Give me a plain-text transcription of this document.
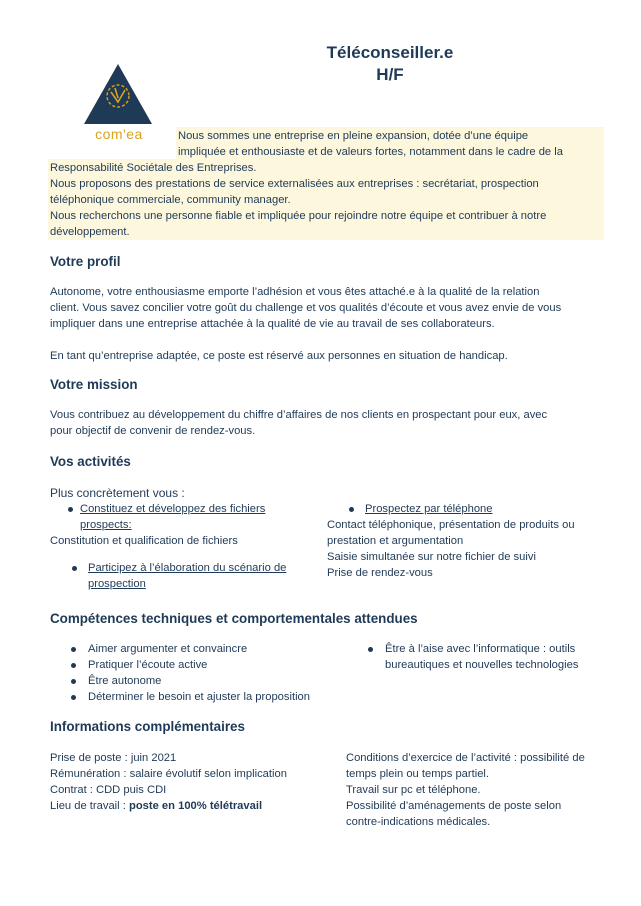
Téléconseiller.e
H/F
com'ea	Nous sommes une entreprise en pleine expansion, dotée d’une équipe
impliquée et enthousiaste et de valeurs fortes, notamment dans le cadre de la
Responsabilité Sociétale des Entreprises.
Nous proposons des prestations de service externalisées aux entreprises : secrétariat, prospection
téléphonique commerciale, community manager.
Nous recherchons une personne fiable et impliquée pour rejoindre notre équipe et contribuer à notre
développement.
Votre profil
Autonome, votre enthousiasme emporte l’adhésion et vous êtes attaché.e à la qualité de la relation
client. Vous savez concilier votre goût du challenge et vos qualités d’écoute et vous avez envie de vous
impliquer dans une entreprise attachée à la qualité de vie au travail de ses collaborateurs.
En tant qu’entreprise adaptée, ce poste est réservé aux personnes en situation de handicap.
Votre mission
Vous contribuez au développement du chiffre d’affaires de nos clients en prospectant pour eux, avec
pour objectif de convenir de rendez-vous.
Vos activités
Plus concrètement vous :
Constituez et développez des fichiers
prospects:
Constitution et qualification de fichiers
Participez à l’élaboration du scénario de
prospection
Prospectez par téléphone
Contact téléphonique, présentation de produits ou
prestation et argumentation
Saisie simultanée sur notre fichier de suivi
Prise de rendez-vous
Compétences techniques et comportementales attendues
Aimer argumenter et convaincre
Pratiquer l’écoute active
Être autonome
Déterminer le besoin et ajuster la proposition
Être à l’aise avec l’informatique : outils
bureautiques et nouvelles technologies
Informations complémentaires
Prise de poste : juin 2021
Rémunération : salaire évolutif selon implication
Contrat : CDD puis CDI
Lieu de travail : poste en 100% télétravail
Conditions d’exercice de l’activité : possibilité de
temps plein ou temps partiel.
Travail sur pc et téléphone.
Possibilité d’aménagements de poste selon
contre-indications médicales.
